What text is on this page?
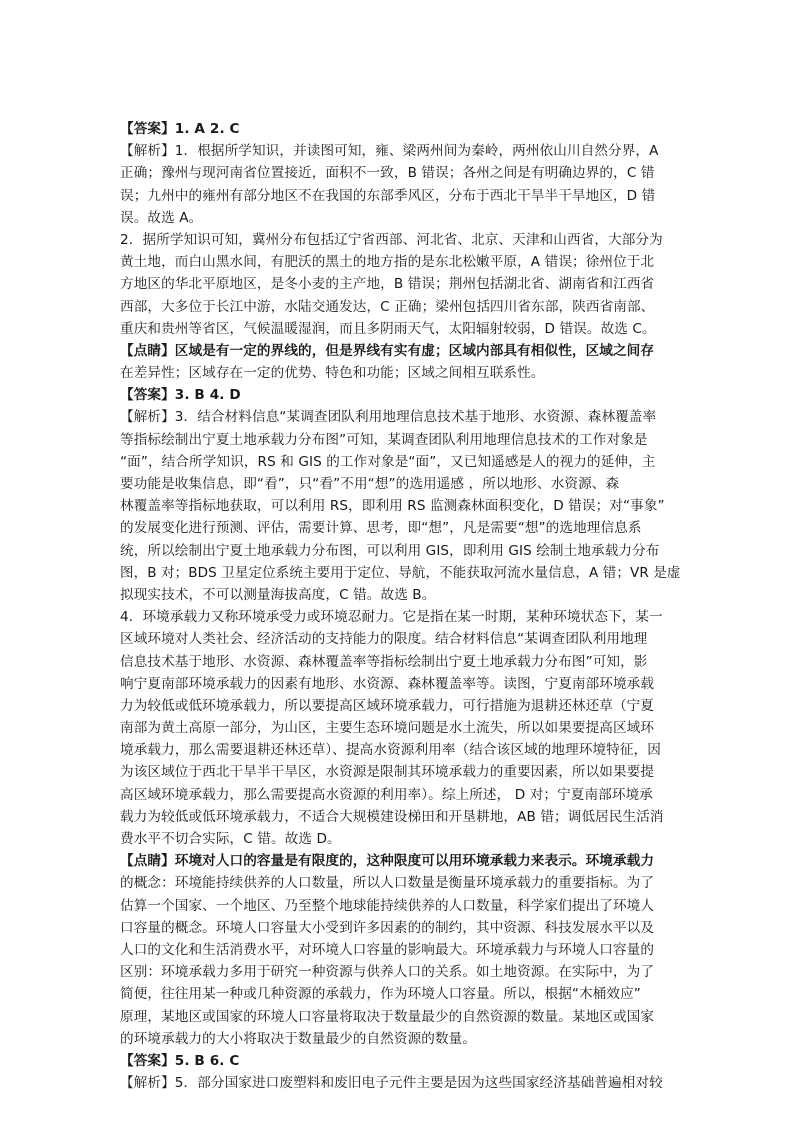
【答案】1. A 2. C
【解析】1．根据所学知识，并读图可知，雍、梁两州间为秦岭，两州依山川自然分界，A
正确；豫州与现河南省位置接近，面积不一致，B 错误；各州之间是有明确边界的，C 错
误；九州中的雍州有部分地区不在我国的东部季风区，分布于西北干旱半干旱地区，D 错
误。故选 A。
2．据所学知识可知，冀州分布包括辽宁省西部、河北省、北京、天津和山西省，大部分为
黄土地，而白山黑水间，有肥沃的黑土的地方指的是东北松嫩平原，A 错误；徐州位于北
方地区的华北平原地区，是冬小麦的主产地，B 错误；荆州包括湖北省、湖南省和江西省
西部，大多位于长江中游，水陆交通发达，C 正确；梁州包括四川省东部，陕西省南部、
重庆和贵州等省区，气候温暖湿润，而且多阴雨天气，太阳辐射较弱，D 错误。故选 C。
【点睛】区域是有一定的界线的，但是界线有实有虚；区域内部具有相似性，区域之间存
在差异性；区域存在一定的优势、特色和功能；区域之间相互联系性。
【答案】3. B 4. D
【解析】3．结合材料信息“某调查团队利用地理信息技术基于地形、水资源、森林覆盖率
等指标绘制出宁夏土地承载力分布图”可知，某调查团队利用地理信息技术的工作对象是
“面”，结合所学知识，RS 和 GIS 的工作对象是“面”，又已知遥感是人的视力的延伸，主
要功能是收集信息，即“看”，只“看”不用“想”的选用遥感 ，所以地形、水资源、森
林覆盖率等指标地获取，可以利用 RS，即利用 RS 监测森林面积变化，D 错误；对“事象”
的发展变化进行预测、评估，需要计算、思考，即“想”，凡是需要“想”的选地理信息系
统，所以绘制出宁夏土地承载力分布图，可以利用 GIS，即利用 GIS 绘制土地承载力分布
图，B 对；BDS 卫星定位系统主要用于定位、导航，不能获取河流水量信息，A 错；VR 是虚
拟现实技术，不可以测量海拔高度，C 错。故选 B。
4．环境承载力又称环境承受力或环境忍耐力。它是指在某一时期，某种环境状态下，某一
区域环境对人类社会、经济活动的支持能力的限度。结合材料信息“某调查团队利用地理
信息技术基于地形、水资源、森林覆盖率等指标绘制出宁夏土地承载力分布图”可知，影
响宁夏南部环境承载力的因素有地形、水资源、森林覆盖率等。读图，宁夏南部环境承载
力为较低或低环境承载力，所以要提高区域环境承载力，可行措施为退耕还林还草（宁夏
南部为黄土高原一部分，为山区，主要生态环境问题是水土流失，所以如果要提高区域环
境承载力，那么需要退耕还林还草）、提高水资源利用率（结合该区域的地理环境特征，因
为该区域位于西北干旱半干旱区，水资源是限制其环境承载力的重要因素，所以如果要提
高区域环境承载力，那么需要提高水资源的利用率）。综上所述， D 对；宁夏南部环境承
载力为较低或低环境承载力，不适合大规模建设梯田和开垦耕地，AB 错；调低居民生活消
费水平不切合实际，C 错。故选 D。
【点睛】环境对人口的容量是有限度的，这种限度可以用环境承载力来表示。环境承载力
的概念：环境能持续供养的人口数量，所以人口数量是衡量环境承载力的重要指标。为了
估算一个国家、一个地区、乃至整个地球能持续供养的人口数量，科学家们提出了环境人
口容量的概念。环境人口容量大小受到许多因素的的制约，其中资源、科技发展水平以及
人口的文化和生活消费水平，对环境人口容量的影响最大。环境承载力与环境人口容量的
区别：环境承载力多用于研究一种资源与供养人口的关系。如土地资源。在实际中，为了
简便，往往用某一种或几种资源的承载力，作为环境人口容量。所以，根据“木桶效应”
原理，某地区或国家的环境人口容量将取决于数量最少的自然资源的数量。某地区或国家
的环境承载力的大小将取决于数量最少的自然资源的数量。
【答案】5. B 6. C
【解析】5．部分国家进口废塑料和废旧电子元件主要是因为这些国家经济基础普遍相对较
